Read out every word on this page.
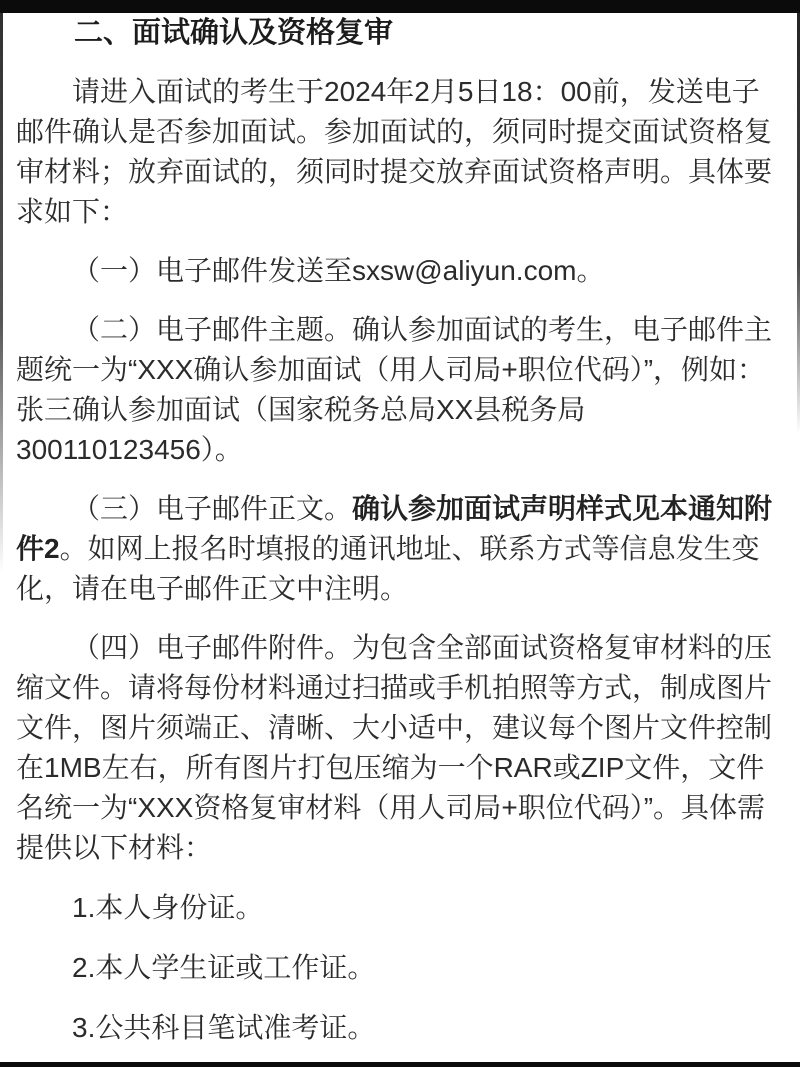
二、面试确认及资格复审

请进入面试的考生于2024年2月5日18：00前，发送电子邮件确认是否参加面试。参加面试的，须同时提交面试资格复审材料；放弃面试的，须同时提交放弃面试资格声明。具体要求如下：

（一）电子邮件发送至sxsw@aliyun.com。

（二）电子邮件主题。确认参加面试的考生，电子邮件主题统一为“XXX确认参加面试（用人司局+职位代码）”，例如：张三确认参加面试（国家税务总局XX县税务局300110123456）。

（三）电子邮件正文。确认参加面试声明样式见本通知附件2。如网上报名时填报的通讯地址、联系方式等信息发生变化，请在电子邮件正文中注明。

（四）电子邮件附件。为包含全部面试资格复审材料的压缩文件。请将每份材料通过扫描或手机拍照等方式，制成图片文件，图片须端正、清晰、大小适中，建议每个图片文件控制在1MB左右，所有图片打包压缩为一个RAR或ZIP文件，文件名统一为“XXX资格复审材料（用人司局+职位代码）”。具体需提供以下材料：

1.本人身份证。

2.本人学生证或工作证。

3.公共科目笔试准考证。
